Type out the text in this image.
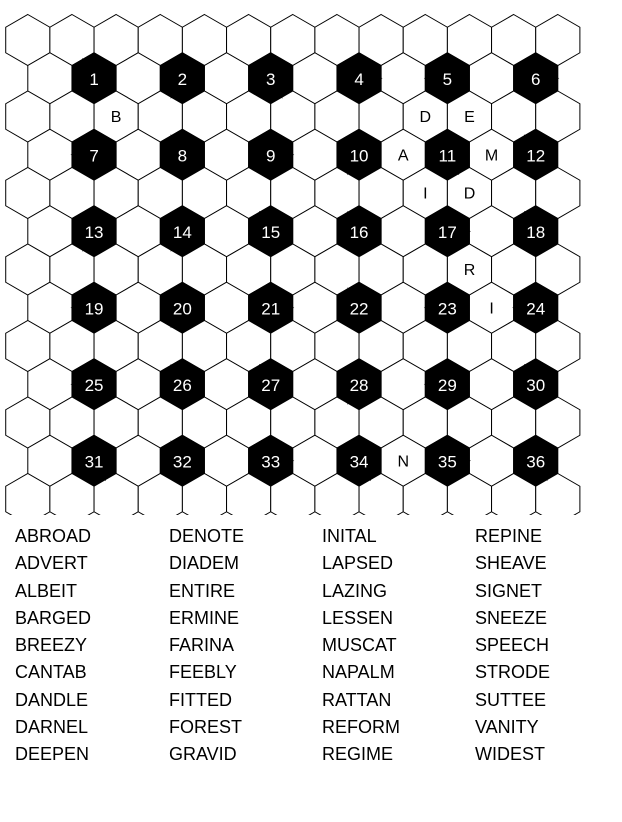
1	2	3	4	5	6
7	8	9	10	11	12
13	14	15	16	17	18
19	20	21	22	23	24
25	26	27	28	29	30
31	32	33	34	35	36
B	D E
A	M
I D
R
I
N
ABROAD
ADVERT
ALBEIT
BARGED
BREEZY
CANTAB
DANDLE
DARNEL
DEEPEN
DENOTE
DIADEM
ENTIRE
ERMINE
FARINA
FEEBLY
FITTED
FOREST
GRAVID
INITAL
LAPSED
LAZING
LESSEN
MUSCAT
NAPALM
RATTAN
REFORM
REGIME
REPINE
SHEAVE
SIGNET
SNEEZE
SPEECH
STRODE
SUTTEE
VANITY
WIDEST
